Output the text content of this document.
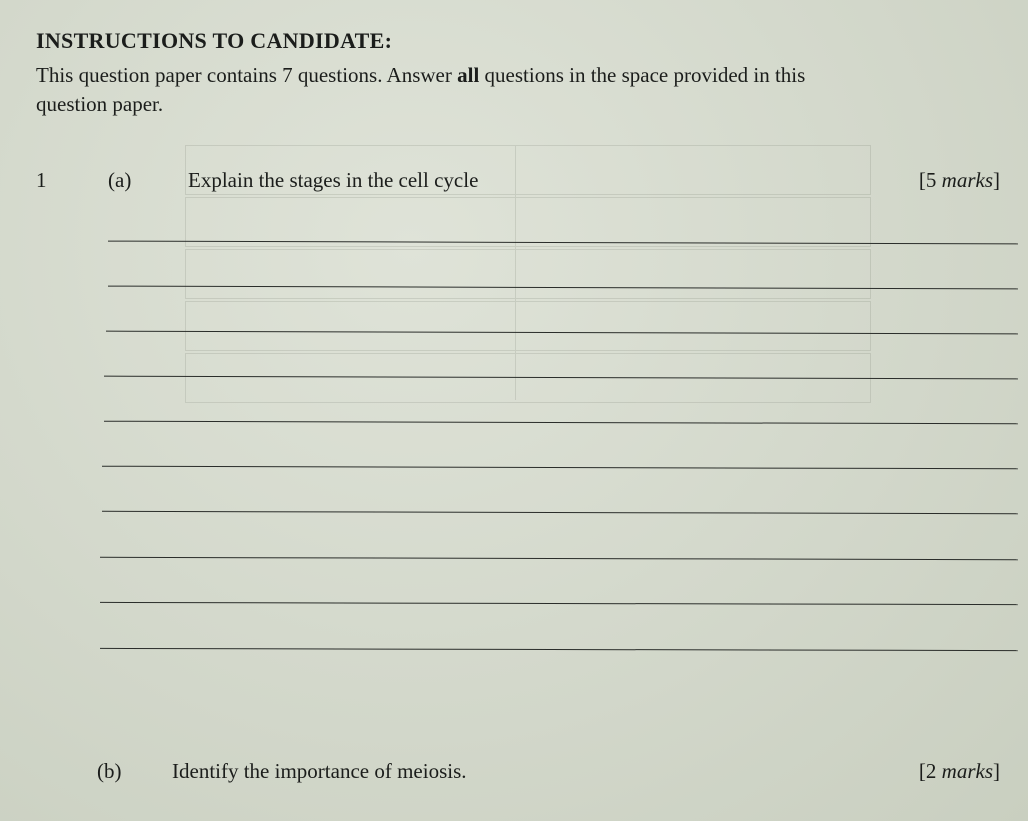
INSTRUCTIONS TO CANDIDATE:
This question paper contains 7 questions. Answer all questions in the space provided in this
question paper.
1	(a)	Explain the stages in the cell cycle	[5 marks]
(b) Identify the importance of meiosis.	[2 marks]
